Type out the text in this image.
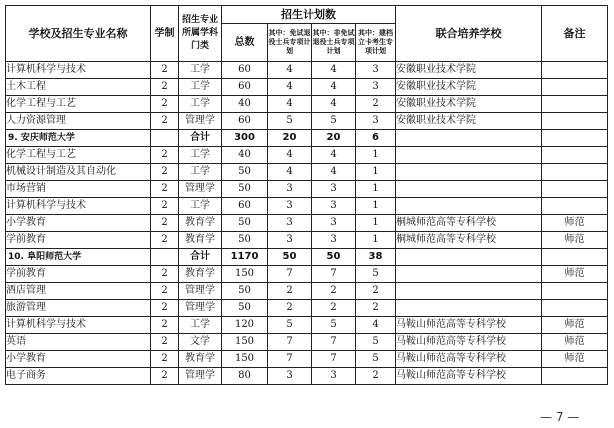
学校及招生专业名称	学制	招生专业所属学科门类	招生计划数				联合培养学校	备注
			总数	其中：免试退役士兵专项计划	其中：非免试退役士兵专项计划	其中：建档立卡考生专项计划		
计算机科学与技术	2	工学	60	4	4	3	安徽职业技术学院	
土木工程	2	工学	60	4	4	3	安徽职业技术学院	
化学工程与工艺	2	工学	40	4	4	2	安徽职业技术学院	
人力资源管理	2	管理学	60	5	5	3	安徽职业技术学院	
9. 安庆师范大学		合计	300	20	20	6		
化学工程与工艺	2	工学	40	4	4	1		
机械设计制造及其自动化	2	工学	50	4	4	1		
市场营销	2	管理学	50	3	3	1		
计算机科学与技术	2	工学	60	3	3	1		
小学教育	2	教育学	50	3	3	1	桐城师范高等专科学校	师范
学前教育	2	教育学	50	3	3	1	桐城师范高等专科学校	师范
10. 阜阳师范大学		合计	1170	50	50	38		
学前教育	2	教育学	150	7	7	5		师范
酒店管理	2	管理学	50	2	2	2		
旅游管理	2	管理学	50	2	2	2		
计算机科学与技术	2	工学	120	5	5	4	马鞍山师范高等专科学校	师范
英语	2	文学	150	7	7	5	马鞍山师范高等专科学校	师范
小学教育	2	教育学	150	7	7	5	马鞍山师范高等专科学校	师范
电子商务	2	管理学	80	3	3	2	马鞍山师范高等专科学校	
— 7 —
